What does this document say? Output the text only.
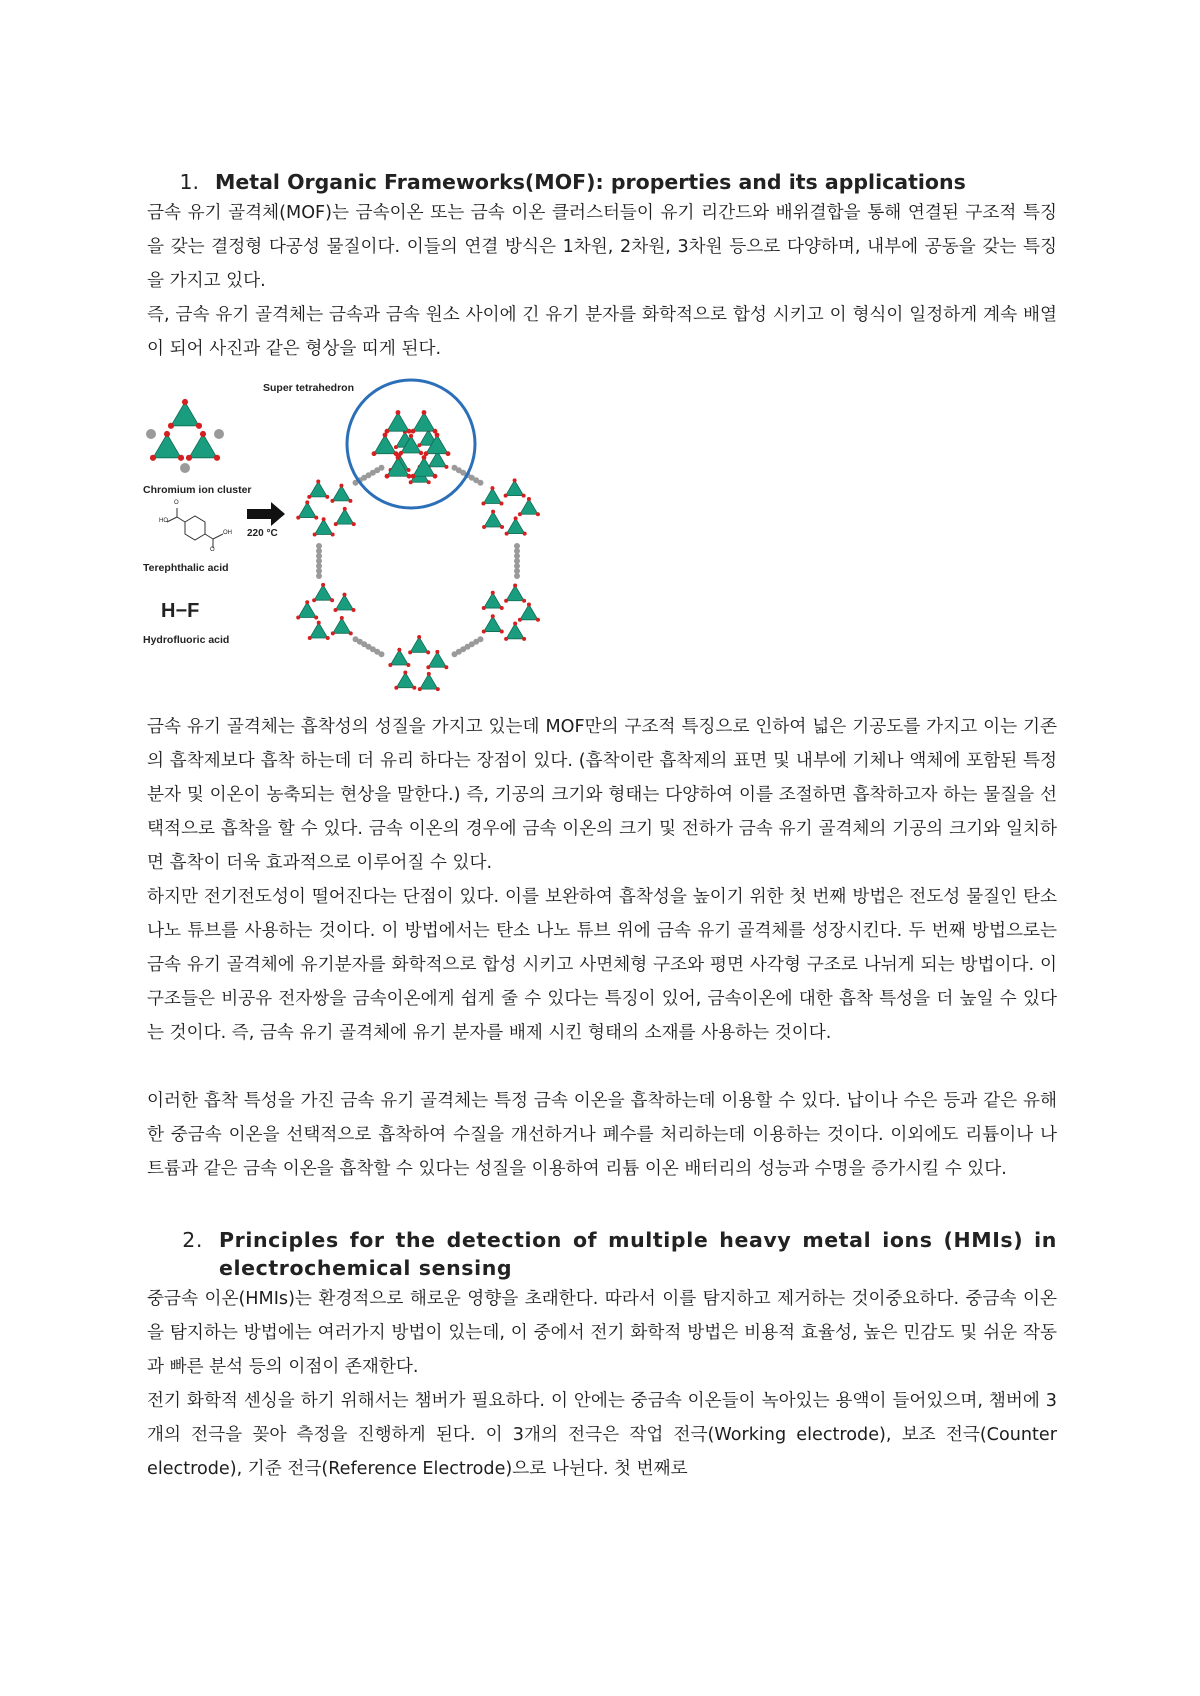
1. Metal Organic Frameworks(MOF): properties and its applications

금속 유기 골격체(MOF)는 금속이온 또는 금속 이온 클러스터들이 유기 리간드와 배위결합을 통해 연결된 구조적 특징을 갖는 결정형 다공성 물질이다. 이들의 연결 방식은 1차원, 2차원, 3차원 등으로 다양하며, 내부에 공동을 갖는 특징을 가지고 있다.

즉, 금속 유기 골격체는 금속과 금속 원소 사이에 긴 유기 분자를 화학적으로 합성 시키고 이 형식이 일정하게 계속 배열이 되어 사진과 같은 형상을 띠게 된다.

Super tetrahedron
Chromium ion cluster
220 °C
HO
OH
O
O
Terephthalic acid
H−F
Hydrofluoric acid

금속 유기 골격체는 흡착성의 성질을 가지고 있는데 MOF만의 구조적 특징으로 인하여 넓은 기공도를 가지고 이는 기존의 흡착제보다 흡착 하는데 더 유리 하다는 장점이 있다. (흡착이란 흡착제의 표면 및 내부에 기체나 액체에 포함된 특정 분자 및 이온이 농축되는 현상을 말한다.) 즉, 기공의 크기와 형태는 다양하여 이를 조절하면 흡착하고자 하는 물질을 선택적으로 흡착을 할 수 있다. 금속 이온의 경우에 금속 이온의 크기 및 전하가 금속 유기 골격체의 기공의 크기와 일치하면 흡착이 더욱 효과적으로 이루어질 수 있다.

하지만 전기전도성이 떨어진다는 단점이 있다. 이를 보완하여 흡착성을 높이기 위한 첫 번째 방법은 전도성 물질인 탄소 나노 튜브를 사용하는 것이다. 이 방법에서는 탄소 나노 튜브 위에 금속 유기 골격체를 성장시킨다. 두 번째 방법으로는 금속 유기 골격체에 유기분자를 화학적으로 합성 시키고 사면체형 구조와 평면 사각형 구조로 나뉘게 되는 방법이다. 이 구조들은 비공유 전자쌍을 금속이온에게 쉽게 줄 수 있다는 특징이 있어, 금속이온에 대한 흡착 특성을 더 높일 수 있다는 것이다. 즉, 금속 유기 골격체에 유기 분자를 배제 시킨 형태의 소재를 사용하는 것이다.

이러한 흡착 특성을 가진 금속 유기 골격체는 특정 금속 이온을 흡착하는데 이용할 수 있다. 납이나 수은 등과 같은 유해한 중금속 이온을 선택적으로 흡착하여 수질을 개선하거나 폐수를 처리하는데 이용하는 것이다. 이외에도 리튬이나 나트륨과 같은 금속 이온을 흡착할 수 있다는 성질을 이용하여 리튬 이온 배터리의 성능과 수명을 증가시킬 수 있다.

2. Principles for the detection of multiple heavy metal ions (HMIs) in electrochemical sensing

중금속 이온(HMIs)는 환경적으로 해로운 영향을 초래한다. 따라서 이를 탐지하고 제거하는 것이중요하다. 중금속 이온을 탐지하는 방법에는 여러가지 방법이 있는데, 이 중에서 전기 화학적 방법은 비용적 효율성, 높은 민감도 및 쉬운 작동과 빠른 분석 등의 이점이 존재한다.

전기 화학적 센싱을 하기 위해서는 챔버가 필요하다. 이 안에는 중금속 이온들이 녹아있는 용액이 들어있으며, 챔버에 3개의 전극을 꽂아 측정을 진행하게 된다. 이 3개의 전극은 작업 전극(Working electrode), 보조 전극(Counter electrode), 기준 전극(Reference Electrode)으로 나뉜다. 첫 번째로
